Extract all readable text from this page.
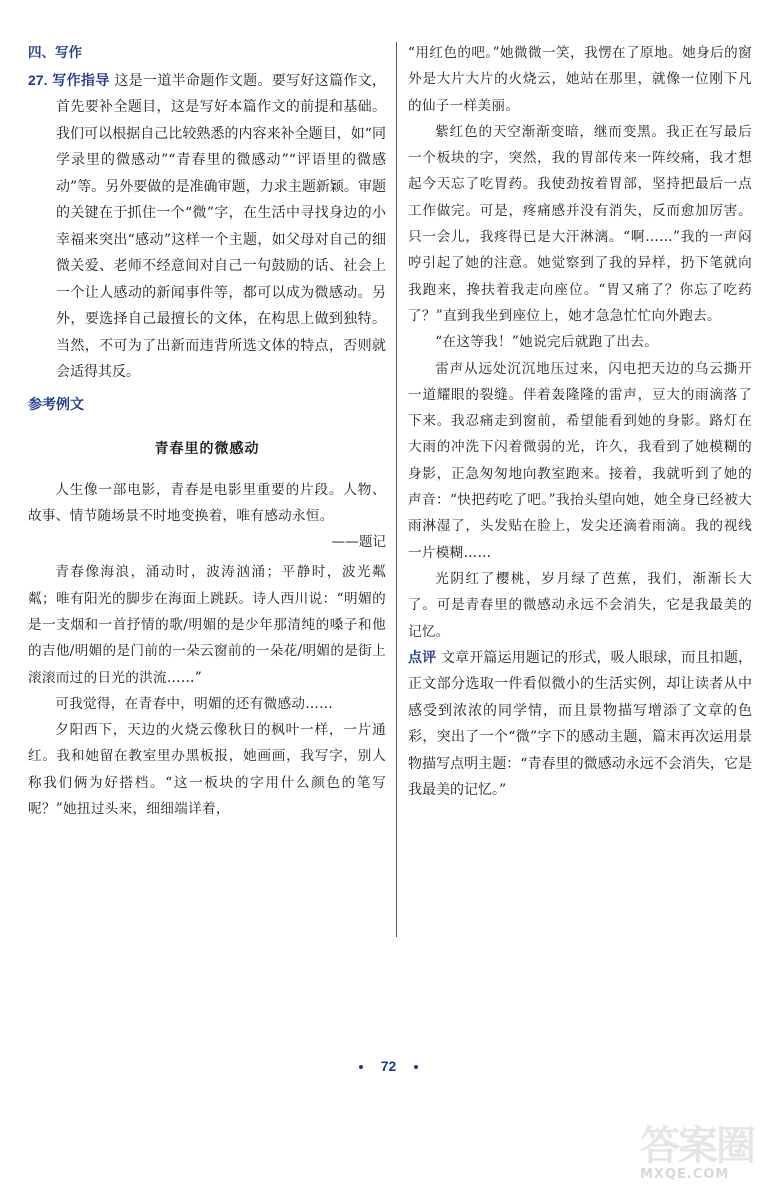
四、写作

27. 写作指导 这是一道半命题作文题。要写好这篇作文，首先要补全题目，这是写好本篇作文的前提和基础。我们可以根据自己比较熟悉的内容来补全题目，如“同学录里的微感动”“青春里的微感动”“评语里的微感动”等。另外要做的是准确审题，力求主题新颖。审题的关键在于抓住一个“微”字，在生活中寻找身边的小幸福来突出“感动”这样一个主题，如父母对自己的细微关爱、老师不经意间对自己一句鼓励的话、社会上一个让人感动的新闻事件等，都可以成为微感动。另外，要选择自己最擅长的文体，在构思上做到独特。当然，不可为了出新而违背所选文体的特点，否则就会适得其反。

参考例文
青春里的微感动

人生像一部电影，青春是电影里重要的片段。人物、故事、情节随场景不时地变换着，唯有感动永恒。

——题记

青春像海浪，涌动时，波涛汹涌；平静时，波光粼粼；唯有阳光的脚步在海面上跳跃。诗人西川说：“明媚的是一支烟和一首抒情的歌/明媚的是少年那清纯的嗓子和他的吉他/明媚的是门前的一朵云窗前的一朵花/明媚的是街上滚滚而过的日光的洪流……”

可我觉得，在青春中，明媚的还有微感动……

夕阳西下，天边的火烧云像秋日的枫叶一样，一片通红。我和她留在教室里办黑板报，她画画，我写字，别人称我们俩为好搭档。“这一板块的字用什么颜色的笔写呢？”她扭过头来，细细端详着，

“用红色的吧。”她微微一笑，我愣在了原地。她身后的窗外是大片大片的火烧云，她站在那里，就像一位刚下凡的仙子一样美丽。

紫红色的天空渐渐变暗，继而变黑。我正在写最后一个板块的字，突然，我的胃部传来一阵绞痛，我才想起今天忘了吃胃药。我使劲按着胃部，坚持把最后一点工作做完。可是，疼痛感并没有消失，反而愈加厉害。只一会儿，我疼得已是大汗淋漓。“啊……”我的一声闷哼引起了她的注意。她觉察到了我的异样，扔下笔就向我跑来，搀扶着我走向座位。“胃又痛了？你忘了吃药了？”直到我坐到座位上，她才急急忙忙向外跑去。

“在这等我！”她说完后就跑了出去。

雷声从远处沉沉地压过来，闪电把天边的乌云撕开一道耀眼的裂缝。伴着轰隆隆的雷声，豆大的雨滴落了下来。我忍痛走到窗前，希望能看到她的身影。路灯在大雨的冲洗下闪着微弱的光，许久，我看到了她模糊的身影，正急匆匆地向教室跑来。接着，我就听到了她的声音：“快把药吃了吧。”我抬头望向她，她全身已经被大雨淋湿了，头发贴在脸上，发尖还滴着雨滴。我的视线一片模糊……

光阴红了樱桃，岁月绿了芭蕉，我们，渐渐长大了。可是青春里的微感动永远不会消失，它是我最美的记忆。

点评 文章开篇运用题记的形式，吸人眼球，而且扣题，正文部分选取一件看似微小的生活实例，却让读者从中感受到浓浓的同学情，而且景物描写增添了文章的色彩，突出了一个“微”字下的感动主题，篇末再次运用景物描写点明主题：“青春里的微感动永远不会消失，它是我最美的记忆。”

72
答案圈
MXQE.COM
